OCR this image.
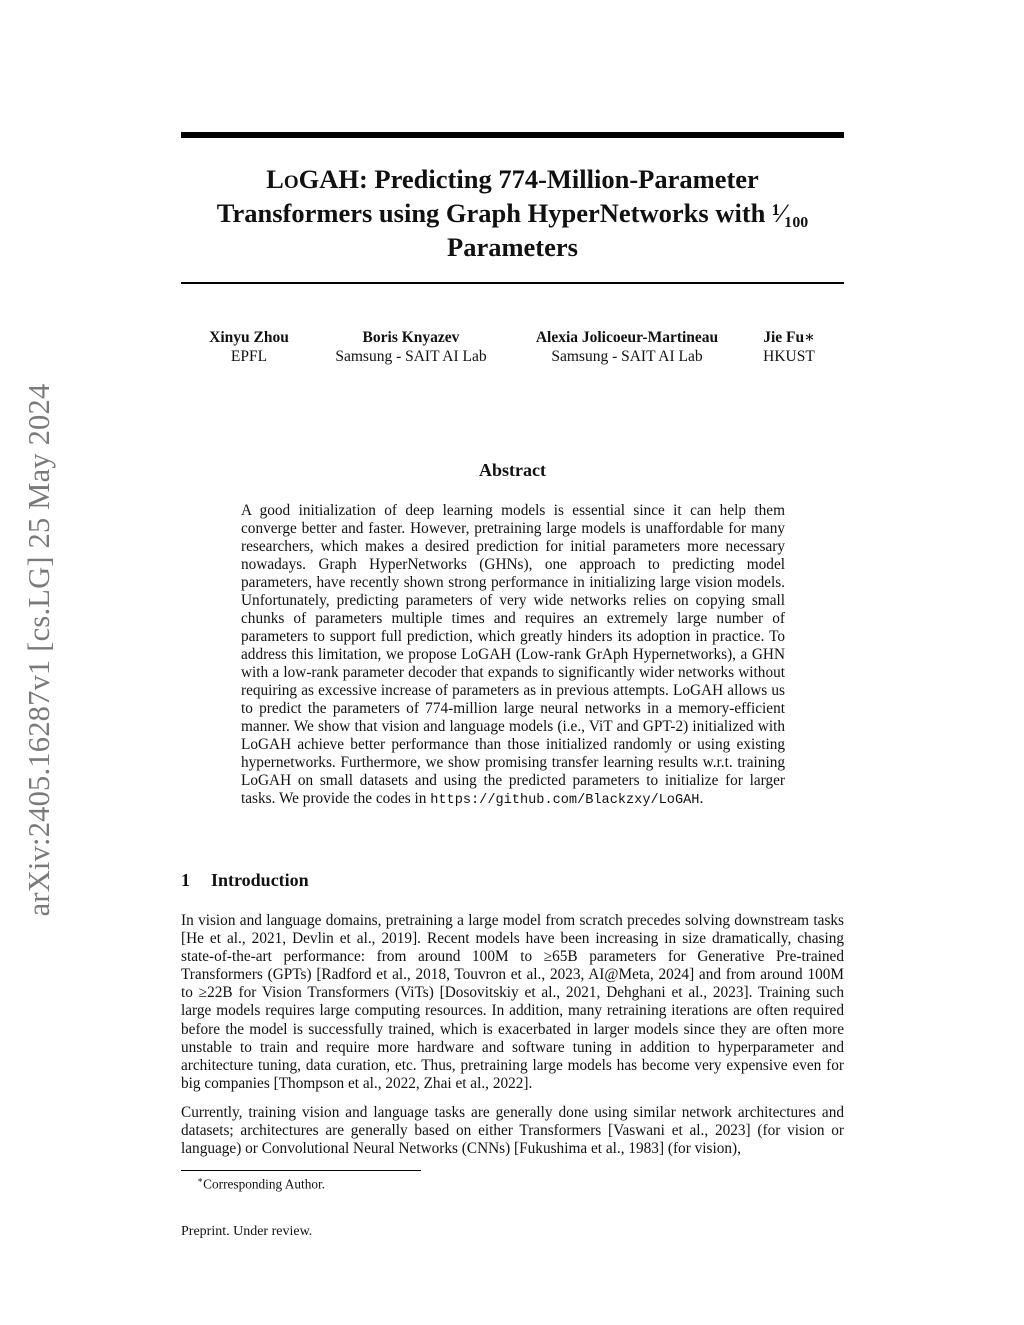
arXiv:2405.16287v1 [cs.LG] 25 May 2024
LoGAH: Predicting 774-Million-Parameter
Transformers using Graph HyperNetworks with ¹⁄₁₀₀
Parameters
Xinyu Zhou
EPFL
Boris Knyazev
Samsung - SAIT AI Lab
Alexia Jolicoeur-Martineau
Samsung - SAIT AI Lab
Jie Fu∗
HKUST
Abstract

A good initialization of deep learning models is essential since it can help them converge better and faster. However, pretraining large models is unaffordable for many researchers, which makes a desired prediction for initial parameters more necessary nowadays. Graph HyperNetworks (GHNs), one approach to predicting model parameters, have recently shown strong performance in initializing large vision models. Unfortunately, predicting parameters of very wide networks relies on copying small chunks of parameters multiple times and requires an extremely large number of parameters to support full prediction, which greatly hinders its adoption in practice. To address this limitation, we propose LoGAH (Low-rank GrAph Hypernetworks), a GHN with a low-rank parameter decoder that expands to significantly wider networks without requiring as excessive increase of parameters as in previous attempts. LoGAH allows us to predict the parameters of 774-million large neural networks in a memory-efficient manner. We show that vision and language models (i.e., ViT and GPT-2) initialized with LoGAH achieve better performance than those initialized randomly or using existing hypernetworks. Furthermore, we show promising transfer learning results w.r.t. training LoGAH on small datasets and using the predicted parameters to initialize for larger tasks. We provide the codes in https://github.com/Blackzxy/LoGAH.

1 Introduction

In vision and language domains, pretraining a large model from scratch precedes solving downstream tasks [He et al., 2021, Devlin et al., 2019]. Recent models have been increasing in size dramatically, chasing state-of-the-art performance: from around 100M to ≥65B parameters for Generative Pre-trained Transformers (GPTs) [Radford et al., 2018, Touvron et al., 2023, AI@Meta, 2024] and from around 100M to ≥22B for Vision Transformers (ViTs) [Dosovitskiy et al., 2021, Dehghani et al., 2023]. Training such large models requires large computing resources. In addition, many retraining iterations are often required before the model is successfully trained, which is exacerbated in larger models since they are often more unstable to train and require more hardware and software tuning in addition to hyperparameter and architecture tuning, data curation, etc. Thus, pretraining large models has become very expensive even for big companies [Thompson et al., 2022, Zhai et al., 2022].

Currently, training vision and language tasks are generally done using similar network architectures and datasets; architectures are generally based on either Transformers [Vaswani et al., 2023] (for vision or language) or Convolutional Neural Networks (CNNs) [Fukushima et al., 1983] (for vision),

∗Corresponding Author.
Preprint. Under review.
